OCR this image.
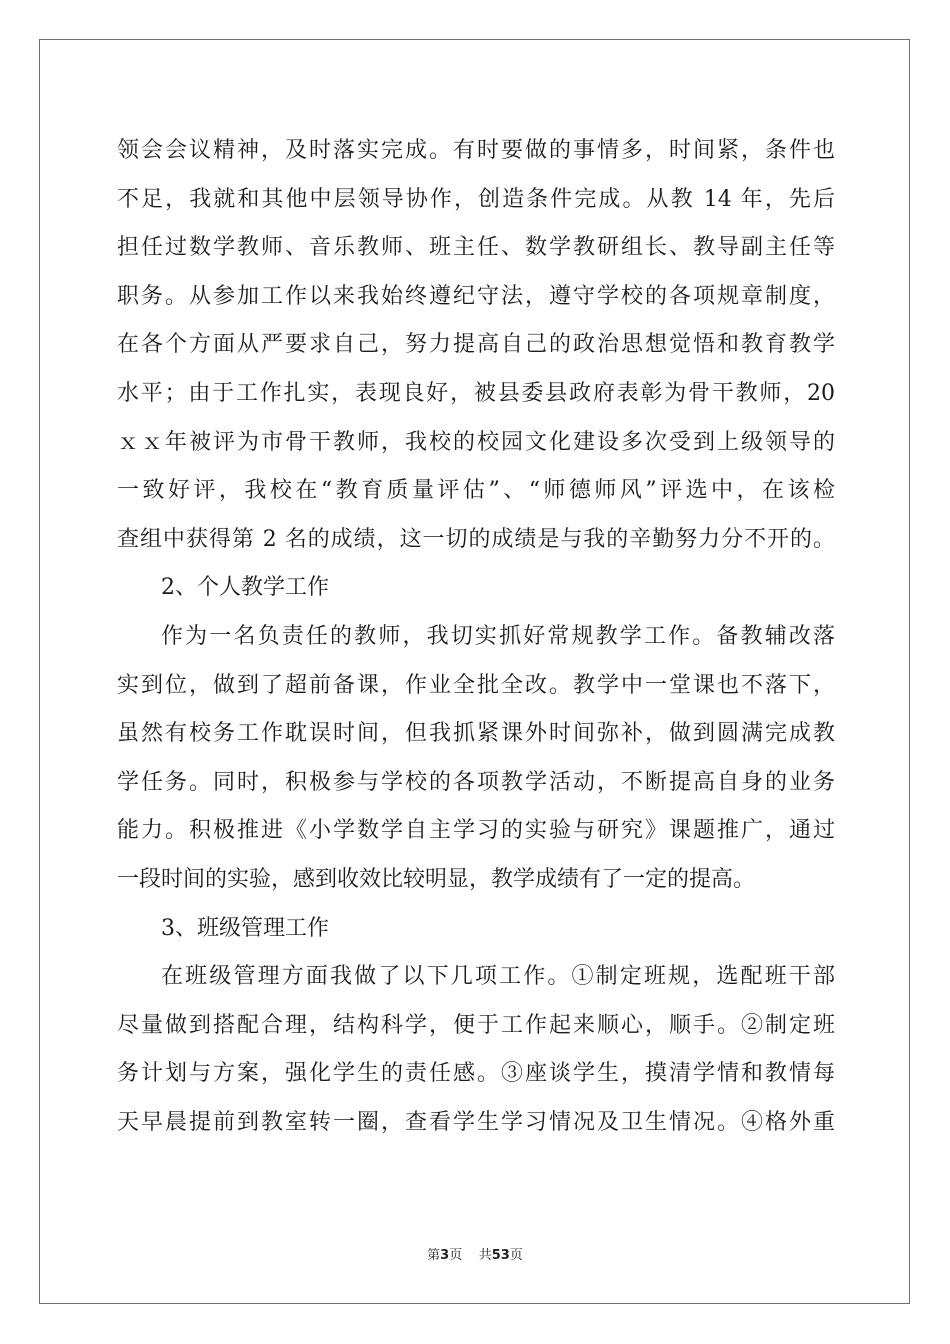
领会会议精神，及时落实完成。有时要做的事情多，时间紧，条件也
不足，我就和其他中层领导协作，创造条件完成。从教 14 年，先后
担任过数学教师、音乐教师、班主任、数学教研组长、教导副主任等
职务。从参加工作以来我始终遵纪守法，遵守学校的各项规章制度，
在各个方面从严要求自己，努力提高自己的政治思想觉悟和教育教学
水平；由于工作扎实，表现良好，被县委县政府表彰为骨干教师，20
ｘｘ年被评为市骨干教师，我校的校园文化建设多次受到上级领导的
一致好评，我校在“教育质量评估”、“师德师风”评选中，在该检
查组中获得第 2 名的成绩，这一切的成绩是与我的辛勤努力分不开的。
2、个人教学工作
作为一名负责任的教师，我切实抓好常规教学工作。备教辅改落
实到位，做到了超前备课，作业全批全改。教学中一堂课也不落下，
虽然有校务工作耽误时间，但我抓紧课外时间弥补，做到圆满完成教
学任务。同时，积极参与学校的各项教学活动，不断提高自身的业务
能力。积极推进《小学数学自主学习的实验与研究》课题推广，通过
一段时间的实验，感到收效比较明显，教学成绩有了一定的提高。
3、班级管理工作
在班级管理方面我做了以下几项工作。①制定班规，选配班干部
尽量做到搭配合理，结构科学，便于工作起来顺心，顺手。②制定班
务计划与方案，强化学生的责任感。③座谈学生，摸清学情和教情每
天早晨提前到教室转一圈，查看学生学习情况及卫生情况。④格外重
第3页 共53页
